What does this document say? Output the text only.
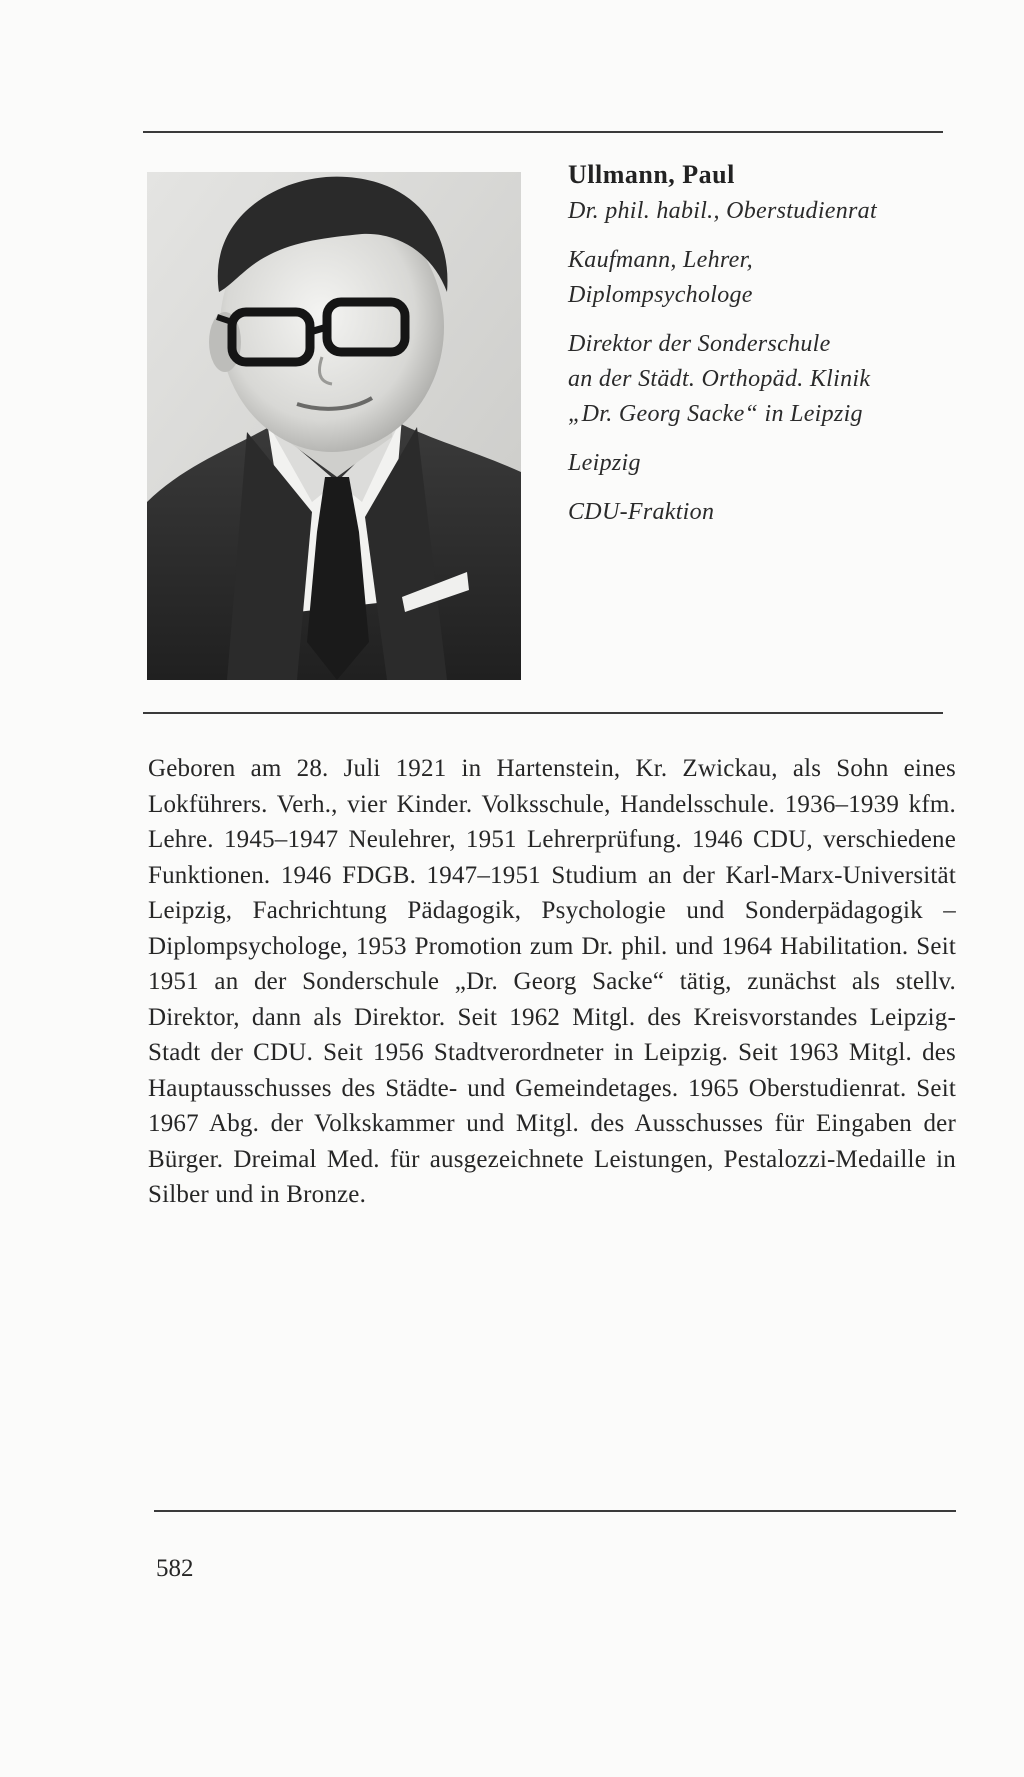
Ullmann, Paul
Dr. phil. habil., Oberstudienrat
Kaufmann, Lehrer,
Diplompsychologe
Direktor der Sonderschule
an der Städt. Orthopäd. Klinik
„Dr. Georg Sacke“ in Leipzig
Leipzig
CDU-Fraktion
Geboren am 28. Juli 1921 in Hartenstein, Kr. Zwickau, als Sohn eines Lokführers. Verh., vier Kinder. Volksschule, Handelsschule. 1936–1939 kfm. Lehre. 1945–1947 Neulehrer, 1951 Lehrerprüfung. 1946 CDU, verschiedene Funktionen. 1946 FDGB. 1947–1951 Studium an der Karl-Marx-Universität Leipzig, Fachrichtung Pädagogik, Psychologie und Sonderpädagogik – Diplompsychologe, 1953 Promotion zum Dr. phil. und 1964 Habilitation. Seit 1951 an der Sonderschule „Dr. Georg Sacke“ tätig, zunächst als stellv. Direktor, dann als Direktor. Seit 1962 Mitgl. des Kreisvorstandes Leipzig-Stadt der CDU. Seit 1956 Stadtverordneter in Leipzig. Seit 1963 Mitgl. des Hauptausschusses des Städte- und Gemeindetages. 1965 Oberstudienrat. Seit 1967 Abg. der Volkskammer und Mitgl. des Ausschusses für Eingaben der Bürger. Dreimal Med. für ausgezeichnete Leistungen, Pestalozzi-Medaille in Silber und in Bronze.
582
